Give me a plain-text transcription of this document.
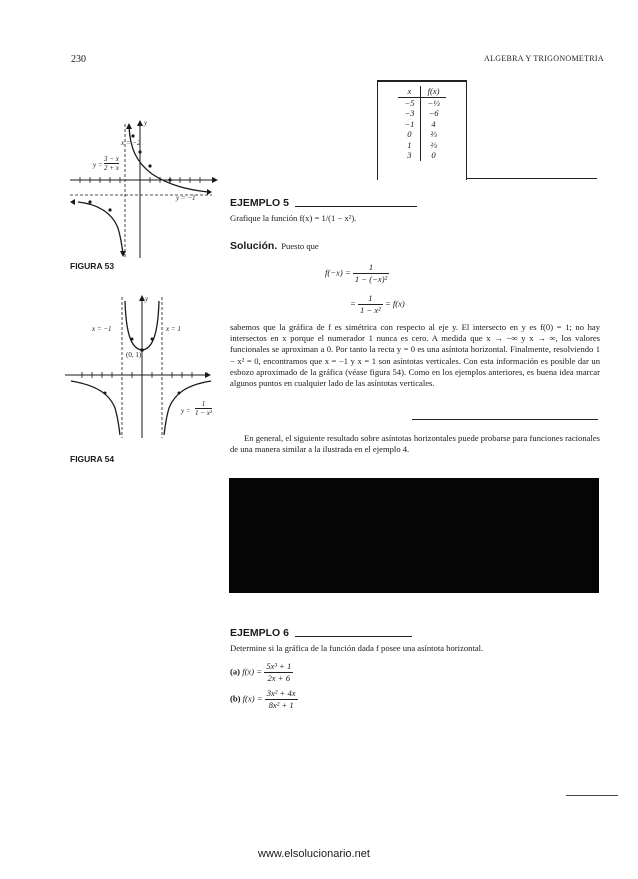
230	ALGEBRA Y TRIGONOMETRIA
x	f(x)
−5	−⅓
−3	−6
−1	4
0	⅔
1	⅔
3	0
x = −2
y
x
$y = \frac{3 - x}{2 + x}$
y = −1
FIGURA 53
x = −1	x = 1
y
x
(0, 1)
$y = \frac{1}{\text{1 − x²}}$
FIGURA 54
EJEMPLO 5
Grafique la función f(x) = 1/(1 − x²).
Solución. Puesto que
$f(-x) = \frac{1}{\text{1 − (−x)²}}$
= $\frac{1}{\text{1 − x²}} = f(x)$
sabemos que la gráfica de f es simétrica con respecto al eje y. El intersecto en y es f(0) = 1; no hay intersectos en x porque el numerador 1 nunca es cero. A medida que x → −∞ y x → ∞, los valores funcionales se aproximan a 0. Por tanto la recta y = 0 es una asíntota horizontal. Finalmente, resolviendo 1 − x² = 0, encontramos que x = −1 y x = 1 son asíntotas verticales. Con esta información es posible dar un esbozo aproximado de la gráfica (véase figura 54). Como en los ejemplos anteriores, es buena idea marcar algunos puntos en cualquier lado de las asíntotas verticales.
En general, el siguiente resultado sobre asíntotas horizontales puede probarse para funciones racionales de una manera similar a la ilustrada en el ejemplo 4.
EJEMPLO 6
Determine si la gráfica de la función dada f posee una asíntota horizontal.
(a) $f(x) = \frac{\text{5x³ + 1}}{2x + 6}$
(b) $f(x) = \frac{\text{3x² + 4x}}{\text{8x² + 1}}$
www.elsolucionario.net
